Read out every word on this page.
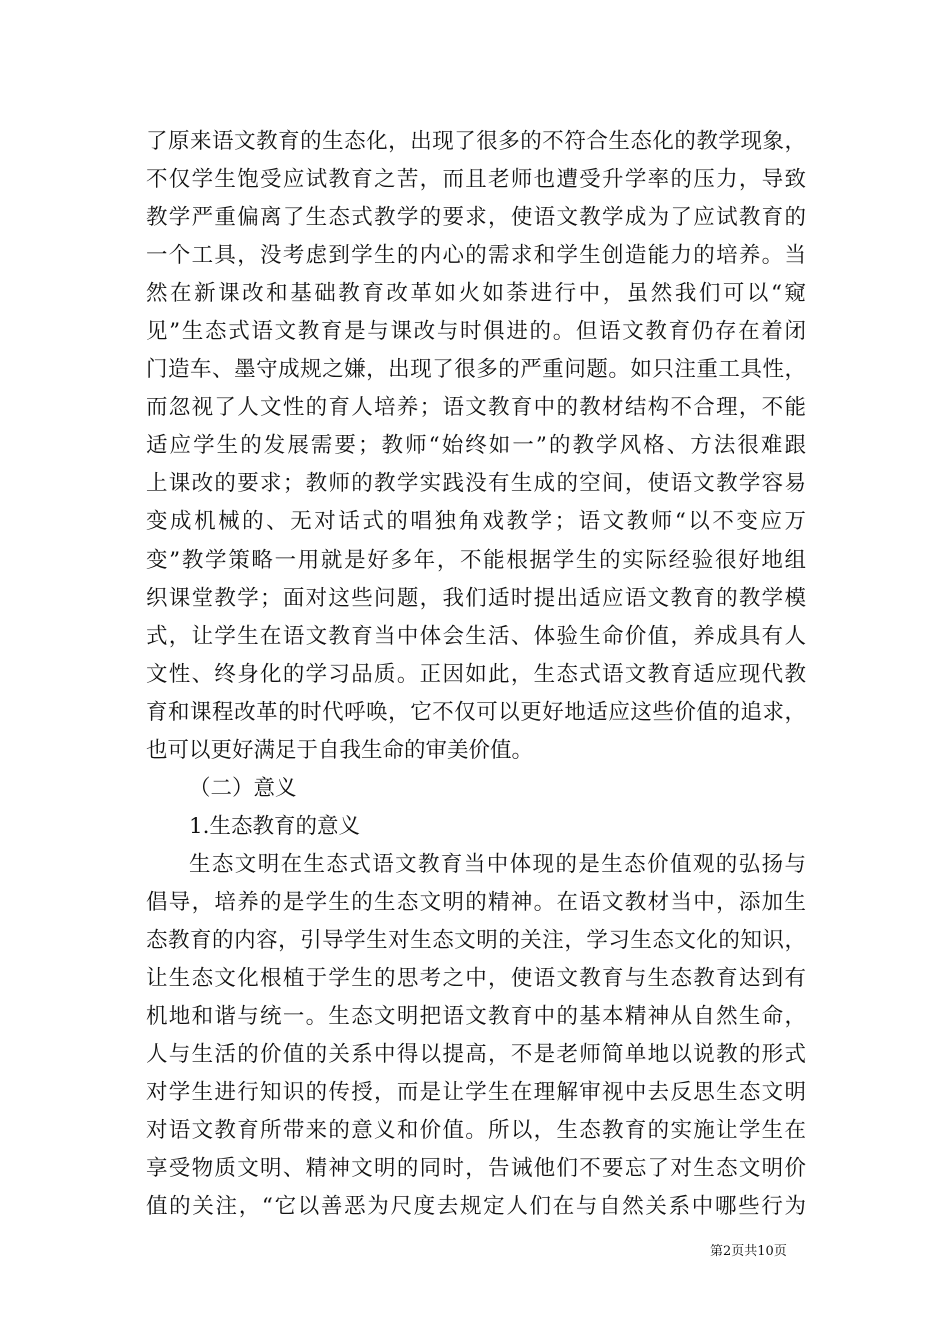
了原来语文教育的生态化，出现了很多的不符合生态化的教学现象，
不仅学生饱受应试教育之苦，而且老师也遭受升学率的压力，导致
教学严重偏离了生态式教学的要求，使语文教学成为了应试教育的
一个工具，没考虑到学生的内心的需求和学生创造能力的培养。当
然在新课改和基础教育改革如火如荼进行中，虽然我们可以“窥
见”生态式语文教育是与课改与时俱进的。但语文教育仍存在着闭
门造车、墨守成规之嫌，出现了很多的严重问题。如只注重工具性，
而忽视了人文性的育人培养；语文教育中的教材结构不合理，不能
适应学生的发展需要；教师“始终如一”的教学风格、方法很难跟
上课改的要求；教师的教学实践没有生成的空间，使语文教学容易
变成机械的、无对话式的唱独角戏教学；语文教师“以不变应万
变”教学策略一用就是好多年，不能根据学生的实际经验很好地组
织课堂教学；面对这些问题，我们适时提出适应语文教育的教学模
式，让学生在语文教育当中体会生活、体验生命价值，养成具有人
文性、终身化的学习品质。正因如此，生态式语文教育适应现代教
育和课程改革的时代呼唤，它不仅可以更好地适应这些价值的追求，
也可以更好满足于自我生命的审美价值。
（二）意义
1.生态教育的意义
生态文明在生态式语文教育当中体现的是生态价值观的弘扬与
倡导，培养的是学生的生态文明的精神。在语文教材当中，添加生
态教育的内容，引导学生对生态文明的关注，学习生态文化的知识，
让生态文化根植于学生的思考之中，使语文教育与生态教育达到有
机地和谐与统一。生态文明把语文教育中的基本精神从自然生命，
人与生活的价值的关系中得以提高，不是老师简单地以说教的形式
对学生进行知识的传授，而是让学生在理解审视中去反思生态文明
对语文教育所带来的意义和价值。所以，生态教育的实施让学生在
享受物质文明、精神文明的同时，告诫他们不要忘了对生态文明价
值的关注，“它以善恶为尺度去规定人们在与自然关系中哪些行为
第2页共10页
